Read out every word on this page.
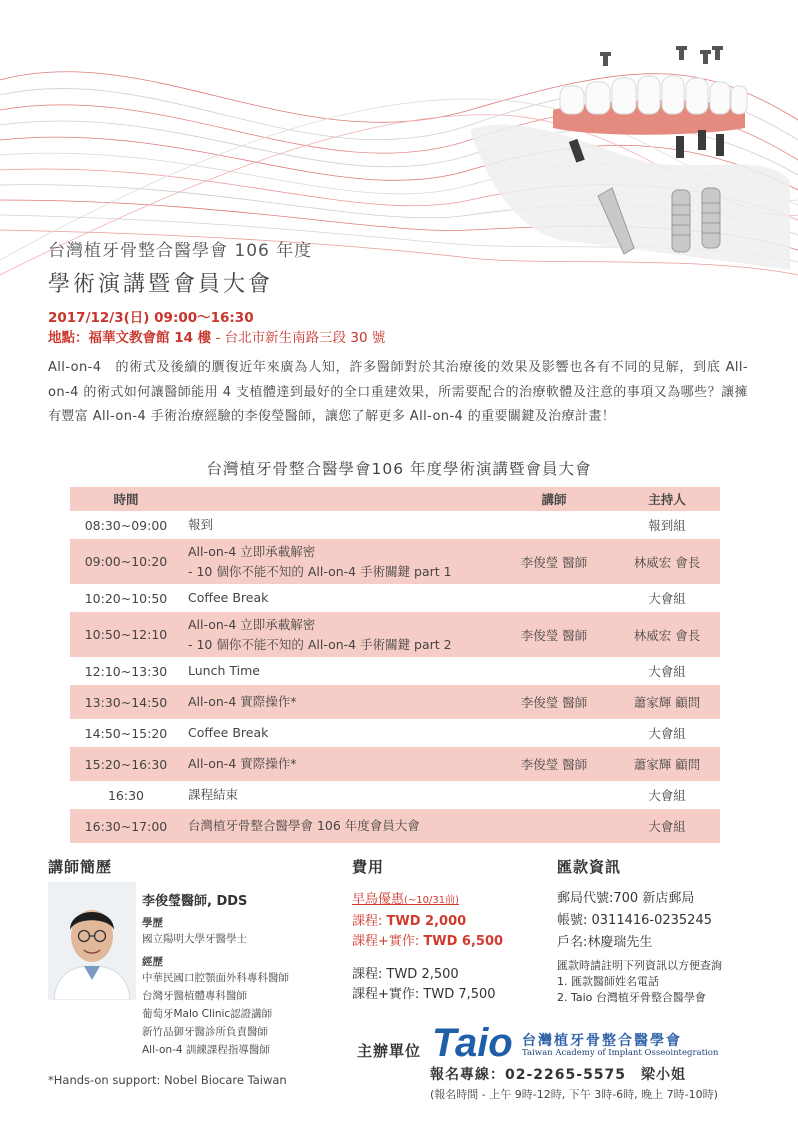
台灣植牙骨整合醫學會 106 年度
學術演講暨會員大會
2017/12/3(日) 09:00～16:30
地點：福華文教會館 14 樓 - 台北市新生南路三段 30 號

All-on-4　的術式及後續的贋復近年來廣為人知，許多醫師對於其治療後的效果及影響也各有不同的見解，到底 All-on-4 的術式如何讓醫師能用 4 支植體達到最好的全口重建效果，所需要配合的治療軟體及注意的事項又為哪些？讓擁有豐富 All-on-4 手術治療經驗的李俊瑩醫師，讓您了解更多 All-on-4 的重要關鍵及治療計畫！

台灣植牙骨整合醫學會106 年度學術演講暨會員大會
時間		講師	主持人
08:30~09:00	報到		報到組
09:00~10:20	All-on-4 立即承載解密
- 10 個你不能不知的 All-on-4 手術關鍵 part 1	李俊瑩 醫師	林威宏 會長
10:20~10:50	Coffee Break		大會組
10:50~12:10	All-on-4 立即承載解密
- 10 個你不能不知的 All-on-4 手術關鍵 part 2	李俊瑩 醫師	林威宏 會長
12:10~13:30	Lunch Time		大會組
13:30~14:50	All-on-4 實際操作*	李俊瑩 醫師	蕭家輝 顧問
14:50~15:20	Coffee Break		大會組
15:20~16:30	All-on-4 實際操作*	李俊瑩 醫師	蕭家輝 顧問
16:30	課程結束		大會組
16:30~17:00	台灣植牙骨整合醫學會 106 年度會員大會		大會組
講師簡歷
李俊瑩醫師, DDS
學歷
國立陽明大學牙醫學士
經歷
中華民國口腔顎面外科專科醫師
台灣牙醫植體專科醫師
葡萄牙Malo Clinic認證講師
新竹品御牙醫診所負責醫師
All-on-4 訓練課程指導醫師
*Hands-on support: Nobel Biocare Taiwan
費用
早鳥優惠(~10/31前)
課程: TWD 2,000
課程+實作: TWD 6,500
課程: TWD 2,500
課程+實作: TWD 7,500
匯款資訊
郵局代號:700 新店郵局
帳號: 0311416-0235245
戶名:林慶瑞先生
匯款時請註明下列資訊以方便查詢
1. 匯款醫師姓名電話
2. Taio 台灣植牙骨整合醫學會
主辦單位 Taio 台灣植牙骨整合醫學會
Taiwan Academy of Implant Osseointegration
報名專線：02-2265-5575　梁小姐
(報名時間 - 上午 9時-12時, 下午 3時-6時, 晚上 7時-10時)
